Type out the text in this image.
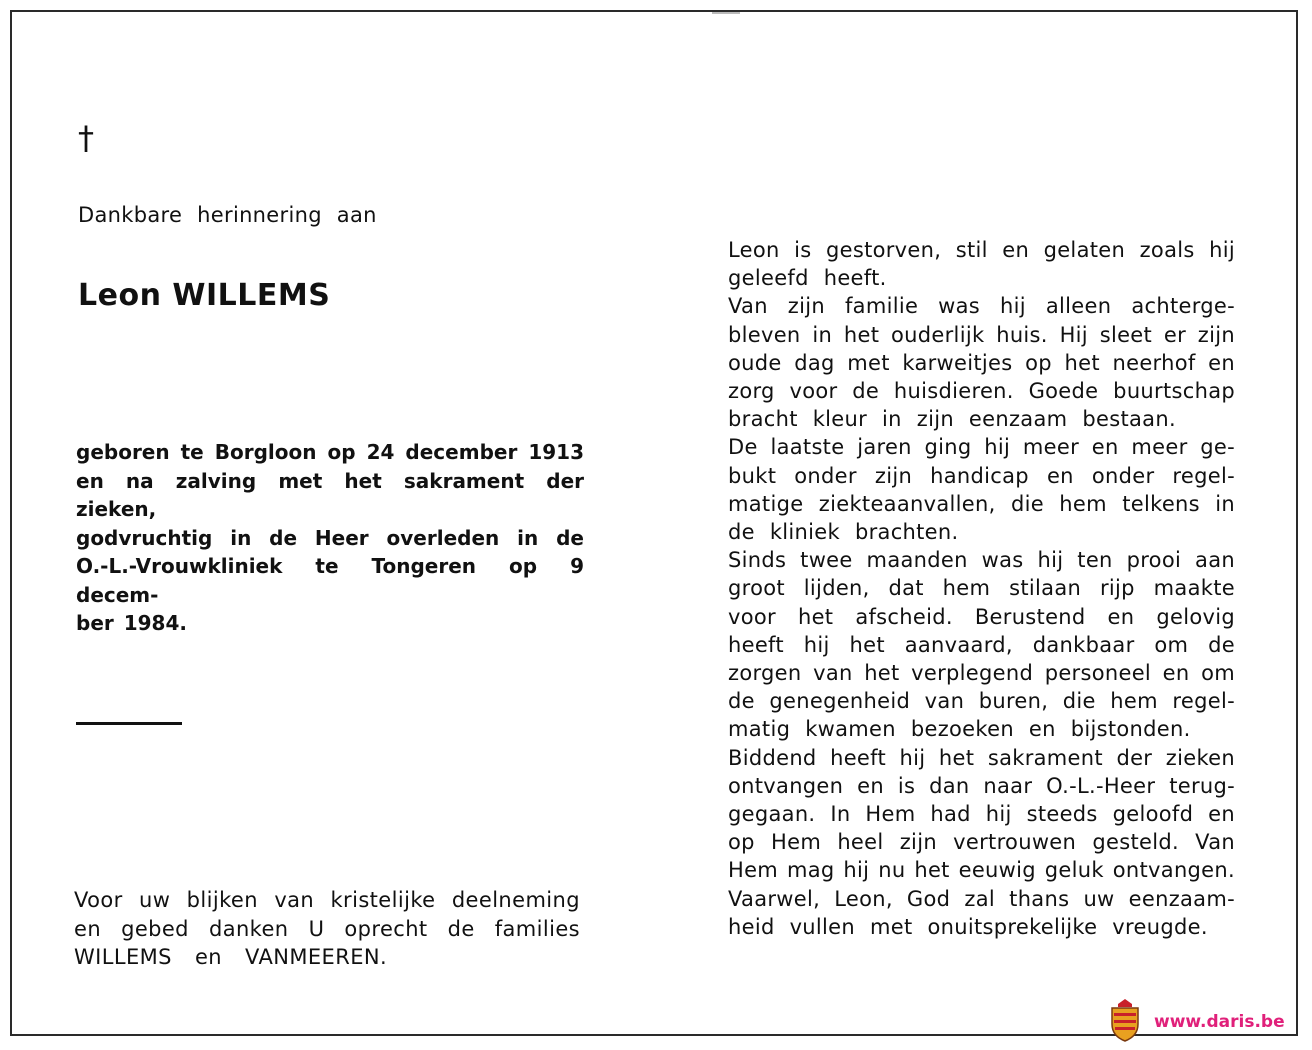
†
Dankbare herinnering aan
Leon WILLEMS
geboren te Borgloon op 24 december 1913
en na zalving met het sakrament der zieken,
godvruchtig in de Heer overleden in de
O.-L.-Vrouwkliniek te Tongeren op 9 decem-
ber 1984.
Voor uw blijken van kristelijke deelneming
en gebed danken U oprecht de families
WILLEMS en VANMEEREN.
Leon is gestorven, stil en gelaten zoals hij
geleefd heeft.
Van zijn familie was hij alleen achterge-
bleven in het ouderlijk huis. Hij sleet er zijn
oude dag met karweitjes op het neerhof en
zorg voor de huisdieren. Goede buurtschap
bracht kleur in zijn eenzaam bestaan.
De laatste jaren ging hij meer en meer ge-
bukt onder zijn handicap en onder regel-
matige ziekteaanvallen, die hem telkens in
de kliniek brachten.
Sinds twee maanden was hij ten prooi aan
groot lijden, dat hem stilaan rijp maakte
voor het afscheid. Berustend en gelovig
heeft hij het aanvaard, dankbaar om de
zorgen van het verplegend personeel en om
de genegenheid van buren, die hem regel-
matig kwamen bezoeken en bijstonden.
Biddend heeft hij het sakrament der zieken
ontvangen en is dan naar O.-L.-Heer terug-
gegaan. In Hem had hij steeds geloofd en
op Hem heel zijn vertrouwen gesteld. Van
Hem mag hij nu het eeuwig geluk ontvangen.
Vaarwel, Leon, God zal thans uw eenzaam-
heid vullen met onuitsprekelijke vreugde.
www.daris.be
